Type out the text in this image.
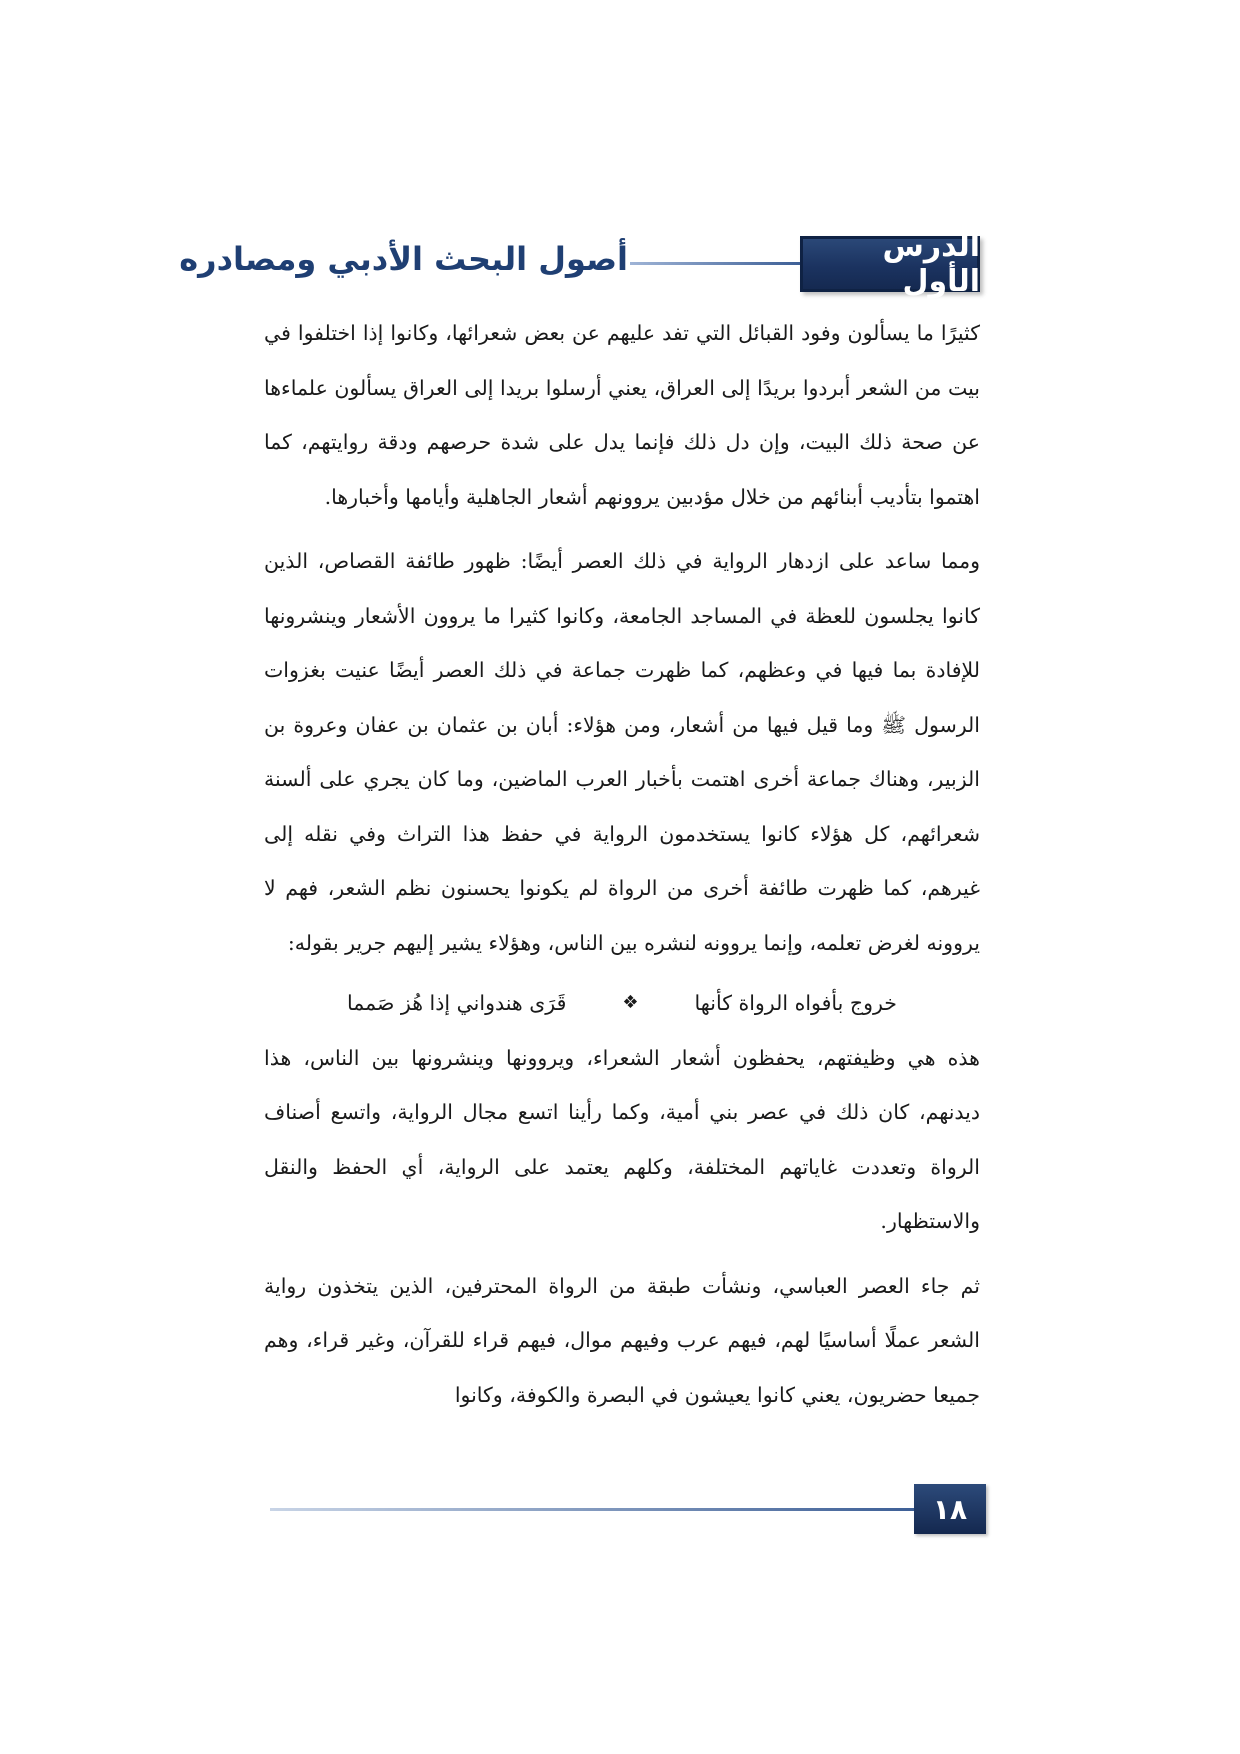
الدرس الأول
أصول البحث الأدبي ومصادره

كثيرًا ما يسألون وفود القبائل التي تفد عليهم عن بعض شعرائها، وكانوا إذا اختلفوا في بيت من الشعر أبردوا بريدًا إلى العراق، يعني أرسلوا بريدا إلى العراق يسألون علماءها عن صحة ذلك البيت، وإن دل ذلك فإنما يدل على شدة حرصهم ودقة روايتهم، كما اهتموا بتأديب أبنائهم من خلال مؤدبين يروونهم أشعار الجاهلية وأيامها وأخبارها.

ومما ساعد على ازدهار الرواية في ذلك العصر أيضًا: ظهور طائفة القصاص، الذين كانوا يجلسون للعظة في المساجد الجامعة، وكانوا كثيرا ما يروون الأشعار وينشرونها للإفادة بما فيها في وعظهم، كما ظهرت جماعة في ذلك العصر أيضًا عنيت بغزوات الرسول ﷺ وما قيل فيها من أشعار، ومن هؤلاء: أبان بن عثمان بن عفان وعروة بن الزبير، وهناك جماعة أخرى اهتمت بأخبار العرب الماضين، وما كان يجري على ألسنة شعرائهم، كل هؤلاء كانوا يستخدمون الرواية في حفظ هذا التراث وفي نقله إلى غيرهم، كما ظهرت طائفة أخرى من الرواة لم يكونوا يحسنون نظم الشعر، فهم لا يروونه لغرض تعلمه، وإنما يروونه لنشره بين الناس، وهؤلاء يشير إليهم جرير بقوله:

خروج بأفواه الرواة كأنها
❖
قَرَى هندواني إذا هُز صَمما

هذه هي وظيفتهم، يحفظون أشعار الشعراء، ويروونها وينشرونها بين الناس، هذا ديدنهم، كان ذلك في عصر بني أمية، وكما رأينا اتسع مجال الرواية، واتسع أصناف الرواة وتعددت غاياتهم المختلفة، وكلهم يعتمد على الرواية، أي الحفظ والنقل والاستظهار.

ثم جاء العصر العباسي، ونشأت طبقة من الرواة المحترفين، الذين يتخذون رواية الشعر عملًا أساسيًا لهم، فيهم عرب وفيهم موال، فيهم قراء للقرآن، وغير قراء، وهم جميعا حضريون، يعني كانوا يعيشون في البصرة والكوفة، وكانوا

١٨
